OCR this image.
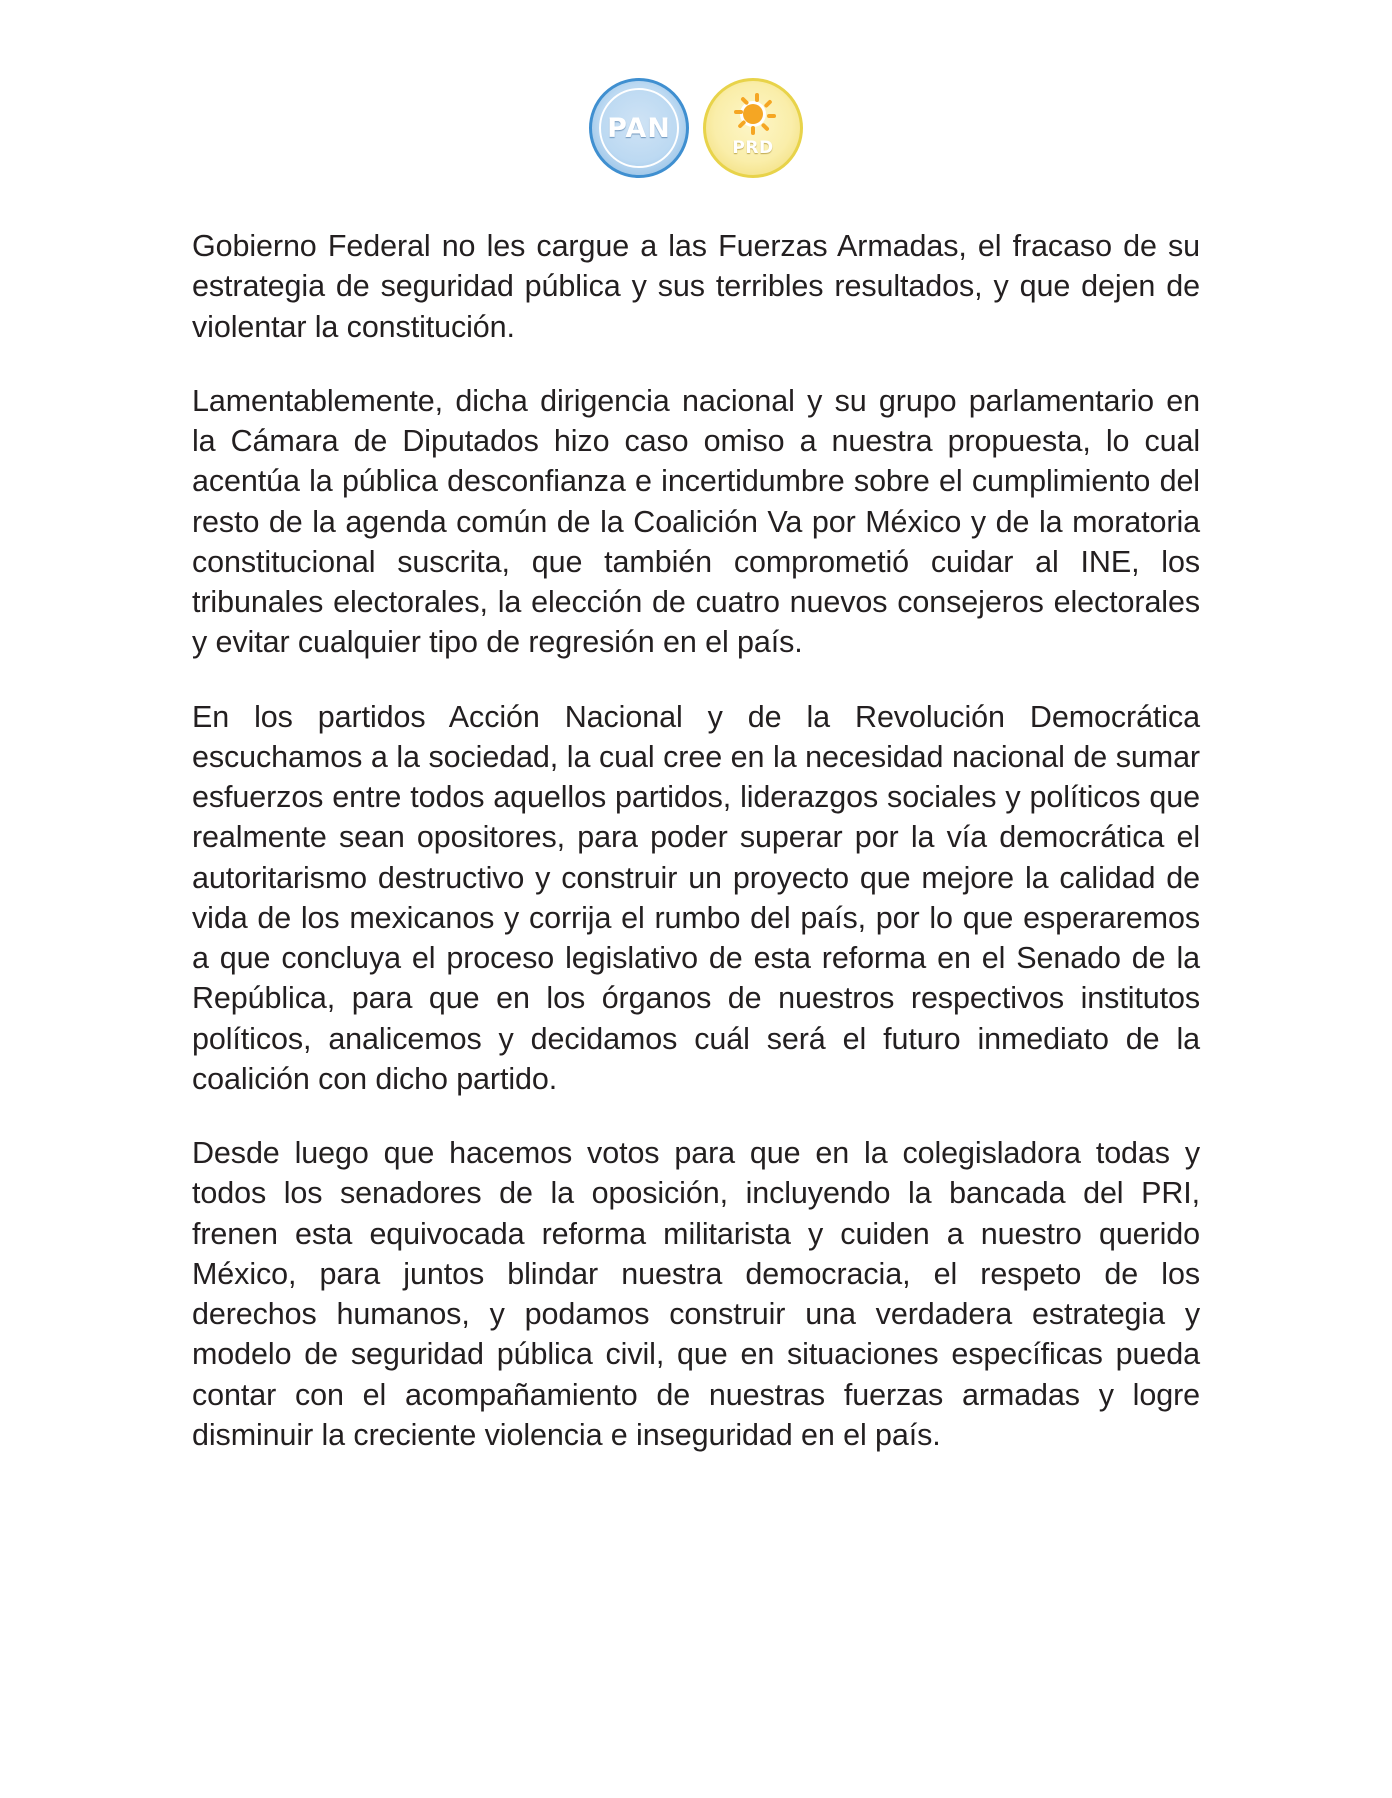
PAN
PRD

Gobierno Federal no les cargue a las Fuerzas Armadas, el fracaso de su estrategia de seguridad pública y sus terribles resultados, y que dejen de violentar la constitución.

Lamentablemente, dicha dirigencia nacional y su grupo parlamentario en la Cámara de Diputados hizo caso omiso a nuestra propuesta, lo cual acentúa la pública desconfianza e incertidumbre sobre el cumplimiento del resto de la agenda común de la Coalición Va por México y de la moratoria constitucional suscrita, que también comprometió cuidar al INE, los tribunales electorales, la elección de cuatro nuevos consejeros electorales y evitar cualquier tipo de regresión en el país.

En los partidos Acción Nacional y de la Revolución Democrática escuchamos a la sociedad, la cual cree en la necesidad nacional de sumar esfuerzos entre todos aquellos partidos, liderazgos sociales y políticos que realmente sean opositores, para poder superar por la vía democrática el autoritarismo destructivo y construir un proyecto que mejore la calidad de vida de los mexicanos y corrija el rumbo del país, por lo que esperaremos a que concluya el proceso legislativo de esta reforma en el Senado de la República, para que en los órganos de nuestros respectivos institutos políticos, analicemos y decidamos cuál será el futuro inmediato de la coalición con dicho partido.

Desde luego que hacemos votos para que en la colegisladora todas y todos los senadores de la oposición, incluyendo la bancada del PRI, frenen esta equivocada reforma militarista y cuiden a nuestro querido México, para juntos blindar nuestra democracia, el respeto de los derechos humanos, y podamos construir una verdadera estrategia y modelo de seguridad pública civil, que en situaciones específicas pueda contar con el acompañamiento de nuestras fuerzas armadas y logre disminuir la creciente violencia e inseguridad en el país.
